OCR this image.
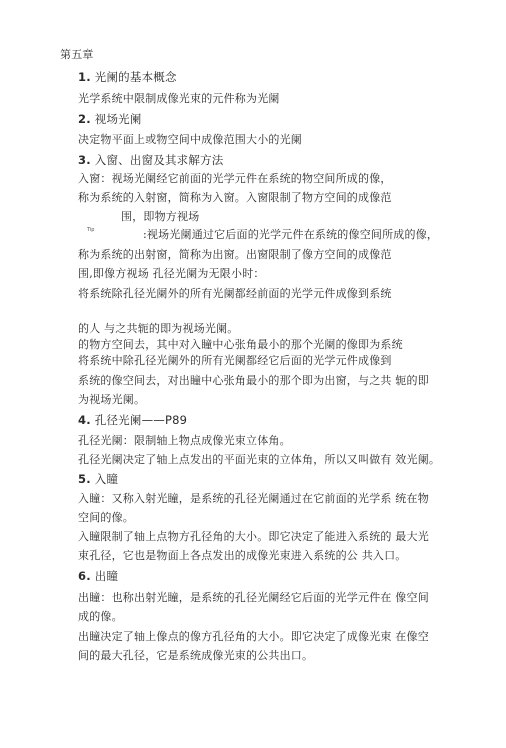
第五章
1. 光阑的基本概念
光学系统中限制成像光束的元件称为光阑
2. 视场光阑
决定物平面上或物空间中成像范围大小的光阑
3. 入窗、出窗及其求解方法
入窗：视场光阑经它前面的光学元件在系统的物空间所成的像，
称为系统的入射窗，简称为入窗。入窗限制了物方空间的成像范
围，即物方视场
Tip	:视场光阑通过它后面的光学元件在系统的像空间所成的像，
称为系统的出射窗，简称为出窗。出窗限制了像方空间的成像范
围,即像方视场 孔径光阑为无限小时：
将系统除孔径光阑外的所有光阑都经前面的光学元件成像到系统
的人 与之共轭的即为视场光阑。
的物方空间去，其中对入瞳中心张角最小的那个光阑的像即为系统
将系统中除孔径光阑外的所有光阑都经它后面的光学元件成像到
系统的像空间去，对出瞳中心张角最小的那个即为出窗，与之共 轭的即
为视场光阑。
4. 孔径光阑——P89
孔径光阑：限制轴上物点成像光束立体角。
孔径光阑决定了轴上点发出的平面光束的立体角，所以又叫做有 效光阑。
5. 入瞳
入瞳：又称入射光瞳，是系统的孔径光阑通过在它前面的光学系 统在物
空间的像。
入瞳限制了轴上点物方孔径角的大小。即它决定了能进入系统的 最大光
束孔径，它也是物面上各点发出的成像光束进入系统的公 共入口。
6. 出瞳
出瞳：也称出射光瞳，是系统的孔径光阑经它后面的光学元件在 像空间
成的像。
出瞳决定了轴上像点的像方孔径角的大小。即它决定了成像光束 在像空
间的最大孔径，它是系统成像光束的公共出口。
